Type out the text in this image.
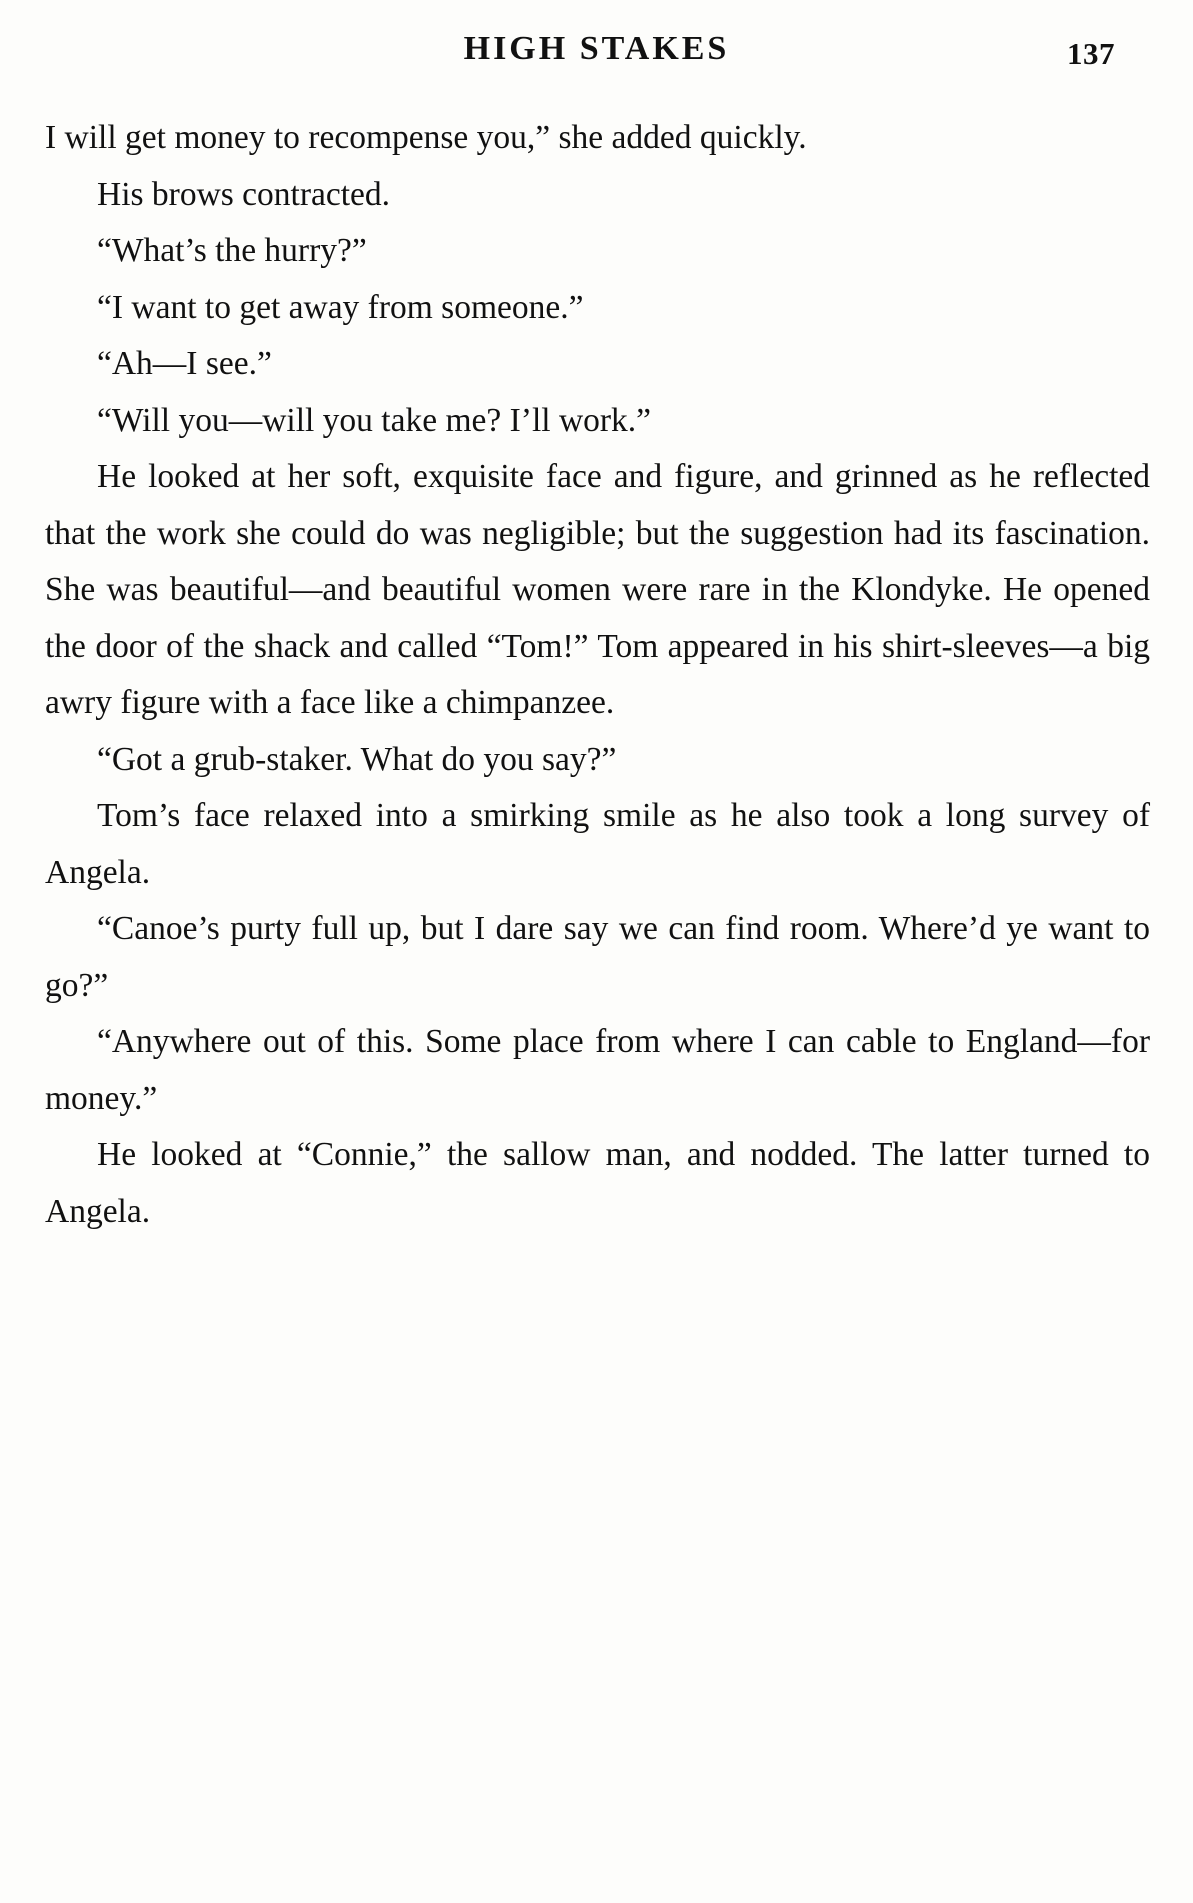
HIGH STAKES	137

I will get money to recompense you,” she added quickly.

His brows contracted.

“What’s the hurry?”

“I want to get away from someone.”

“Ah—I see.”

“Will you—will you take me? I’ll work.”

He looked at her soft, exquisite face and figure, and grinned as he reflected that the work she could do was negligible; but the suggestion had its fascination. She was beautiful—and beautiful women were rare in the Klondyke. He opened the door of the shack and called “Tom!” Tom appeared in his shirt-sleeves—a big awry figure with a face like a chimpanzee.

“Got a grub-staker. What do you say?”

Tom’s face relaxed into a smirking smile as he also took a long survey of Angela.

“Canoe’s purty full up, but I dare say we can find room. Where’d ye want to go?”

“Anywhere out of this. Some place from where I can cable to England—for money.”

He looked at “Connie,” the sallow man, and nodded. The latter turned to Angela.
